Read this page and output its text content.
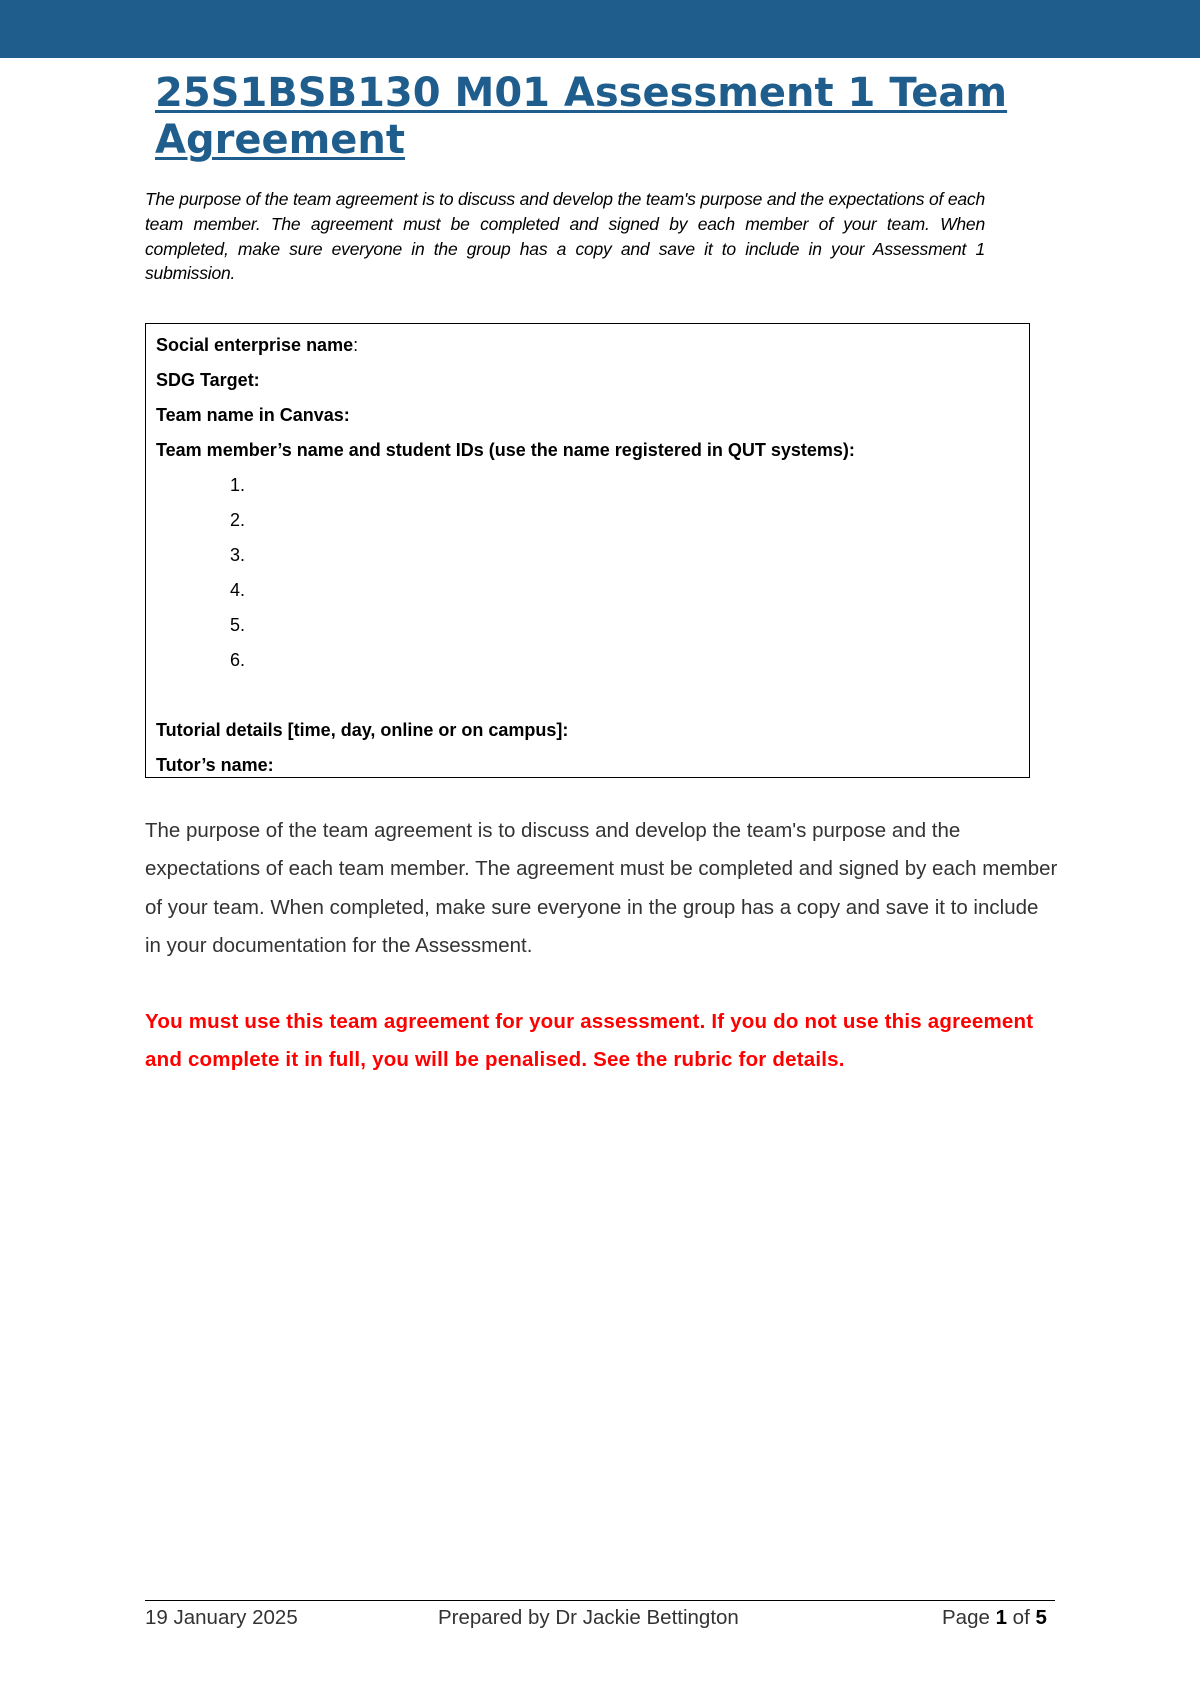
25S1BSB130 M01 Assessment 1 Team Agreement

The purpose of the team agreement is to discuss and develop the team's purpose and the expectations of each team member. The agreement must be completed and signed by each member of your team. When completed, make sure everyone in the group has a copy and save it to include in your Assessment 1 submission.

Social enterprise name:
SDG Target:
Team name in Canvas:
Team member’s name and student IDs (use the name registered in QUT systems):
1.
2.
3.
4.
5.
6.
Tutorial details [time, day, online or on campus]:
Tutor’s name:

The purpose of the team agreement is to discuss and develop the team's purpose and the expectations of each team member. The agreement must be completed and signed by each member of your team. When completed, make sure everyone in the group has a copy and save it to include in your documentation for the Assessment.

You must use this team agreement for your assessment. If you do not use this agreement and complete it in full, you will be penalised. See the rubric for details.

19 January 2025	Prepared by Dr Jackie Bettington	Page 1 of 5
